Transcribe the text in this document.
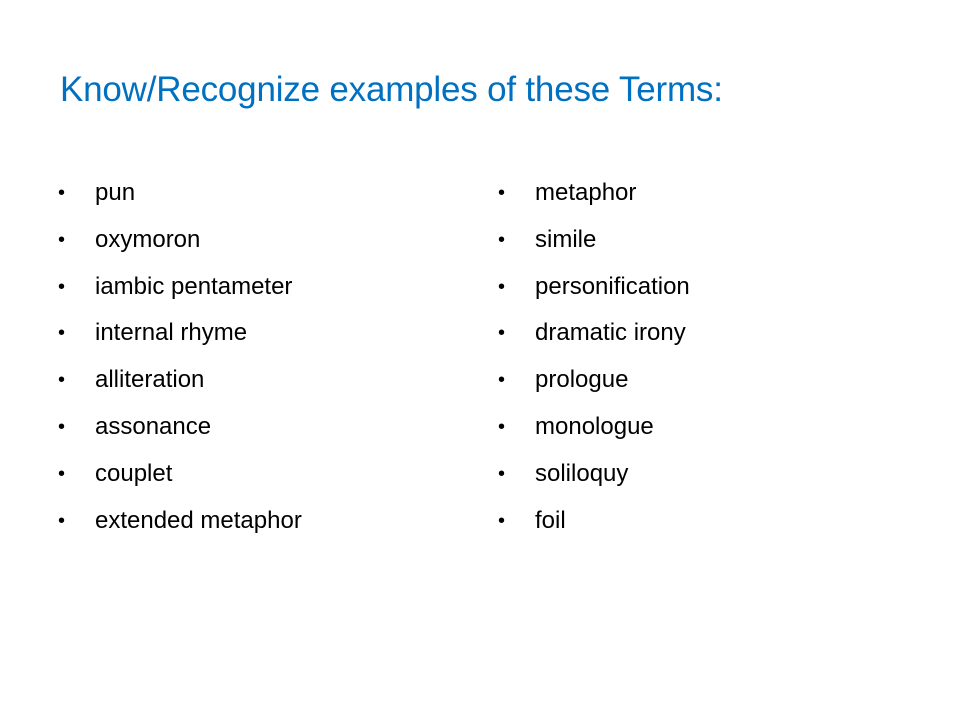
Know/Recognize examples of these Terms:
• pun
• oxymoron
• iambic pentameter
• internal rhyme
• alliteration
• assonance
• couplet
• extended metaphor
• metaphor
• simile
• personification
• dramatic irony
• prologue
• monologue
• soliloquy
• foil
